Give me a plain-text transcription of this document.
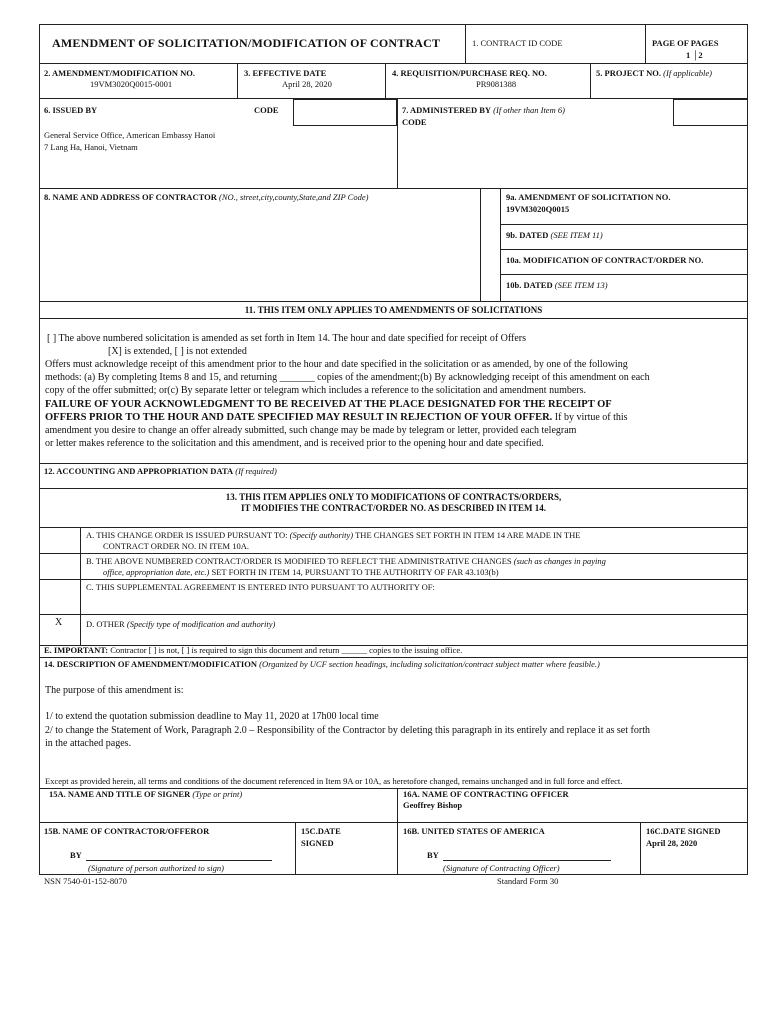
AMENDMENT OF SOLICITATION/MODIFICATION OF CONTRACT	1. CONTRACT ID CODE	PAGE OF PAGES
1 │2
2. AMENDMENT/MODIFICATION NO.
19VM3020Q0015-0001
3. EFFECTIVE DATE
April 28, 2020
4. REQUISITION/PURCHASE REQ. NO.
PR9081388
5. PROJECT NO. (If applicable)
6. ISSUED BY	CODE
General Service Office, American Embassy Hanoi
7 Lang Ha, Hanoi, Vietnam
7. ADMINISTERED BY (If other than Item 6)
CODE
8. NAME AND ADDRESS OF CONTRACTOR (NO., street,city,county,State,and ZIP Code)	9a. AMENDMENT OF SOLICITATION NO.
19VM3020Q0015
9b. DATED (SEE ITEM 11)
10a. MODIFICATION OF CONTRACT/ORDER NO.
10b. DATED (SEE ITEM 13)
11. THIS ITEM ONLY APPLIES TO AMENDMENTS OF SOLICITATIONS
[ ] The above numbered solicitation is amended as set forth in Item 14. The hour and date specified for receipt of Offers
[X] is extended, [ ] is not extended
Offers must acknowledge receipt of this amendment prior to the hour and date specified in the solicitation or as amended, by one of the following
methods: (a) By completing Items 8 and 15, and returning _______ copies of the amendment;(b) By acknowledging receipt of this amendment on each
copy of the offer submitted; or(c) By separate letter or telegram which includes a reference to the solicitation and amendment numbers.
FAILURE OF YOUR ACKNOWLEDGMENT TO BE RECEIVED AT THE PLACE DESIGNATED FOR THE RECEIPT OF
OFFERS PRIOR TO THE HOUR AND DATE SPECIFIED MAY RESULT IN REJECTION OF YOUR OFFER. If by virtue of this
amendment you desire to change an offer already submitted, such change may be made by telegram or letter, provided each telegram
or letter makes reference to the solicitation and this amendment, and is received prior to the opening hour and date specified.
12. ACCOUNTING AND APPROPRIATION DATA (If required)
13. THIS ITEM APPLIES ONLY TO MODIFICATIONS OF CONTRACTS/ORDERS,
IT MODIFIES THE CONTRACT/ORDER NO. AS DESCRIBED IN ITEM 14.
A. THIS CHANGE ORDER IS ISSUED PURSUANT TO: (Specify authority) THE CHANGES SET FORTH IN ITEM 14 ARE MADE IN THE
CONTRACT ORDER NO. IN ITEM 10A.
B. THE ABOVE NUMBERED CONTRACT/ORDER IS MODIFIED TO REFLECT THE ADMINISTRATIVE CHANGES (such as changes in paying
office, appropriation date, etc.) SET FORTH IN ITEM 14, PURSUANT TO THE AUTHORITY OF FAR 43.103(b)
C. THIS SUPPLEMENTAL AGREEMENT IS ENTERED INTO PURSUANT TO AUTHORITY OF:
X	D. OTHER (Specify type of modification and authority)
E. IMPORTANT: Contractor [ ] is not, [ ] is required to sign this document and return ______ copies to the issuing office.
14. DESCRIPTION OF AMENDMENT/MODIFICATION (Organized by UCF section headings, including solicitation/contract subject matter where feasible.)
The purpose of this amendment is:
1/ to extend the quotation submission deadline to May 11, 2020 at 17h00 local time
2/ to change the Statement of Work, Paragraph 2.0 – Responsibility of the Contractor by deleting this paragraph in its entirely and replace it as set forth
in the attached pages.
Except as provided herein, all terms and conditions of the document referenced in Item 9A or 10A, as heretofore changed, remains unchanged and in full force and effect.
15A. NAME AND TITLE OF SIGNER (Type or print)	16A. NAME OF CONTRACTING OFFICER
Geoffrey Bishop
15B. NAME OF CONTRACTOR/OFFEROR
BY
(Signature of person authorized to sign)
15C.DATE
SIGNED
16B. UNITED STATES OF AMERICA
BY
(Signature of Contracting Officer)
16C.DATE SIGNED
April 28, 2020
NSN 7540-01-152-8070	Standard Form 30
